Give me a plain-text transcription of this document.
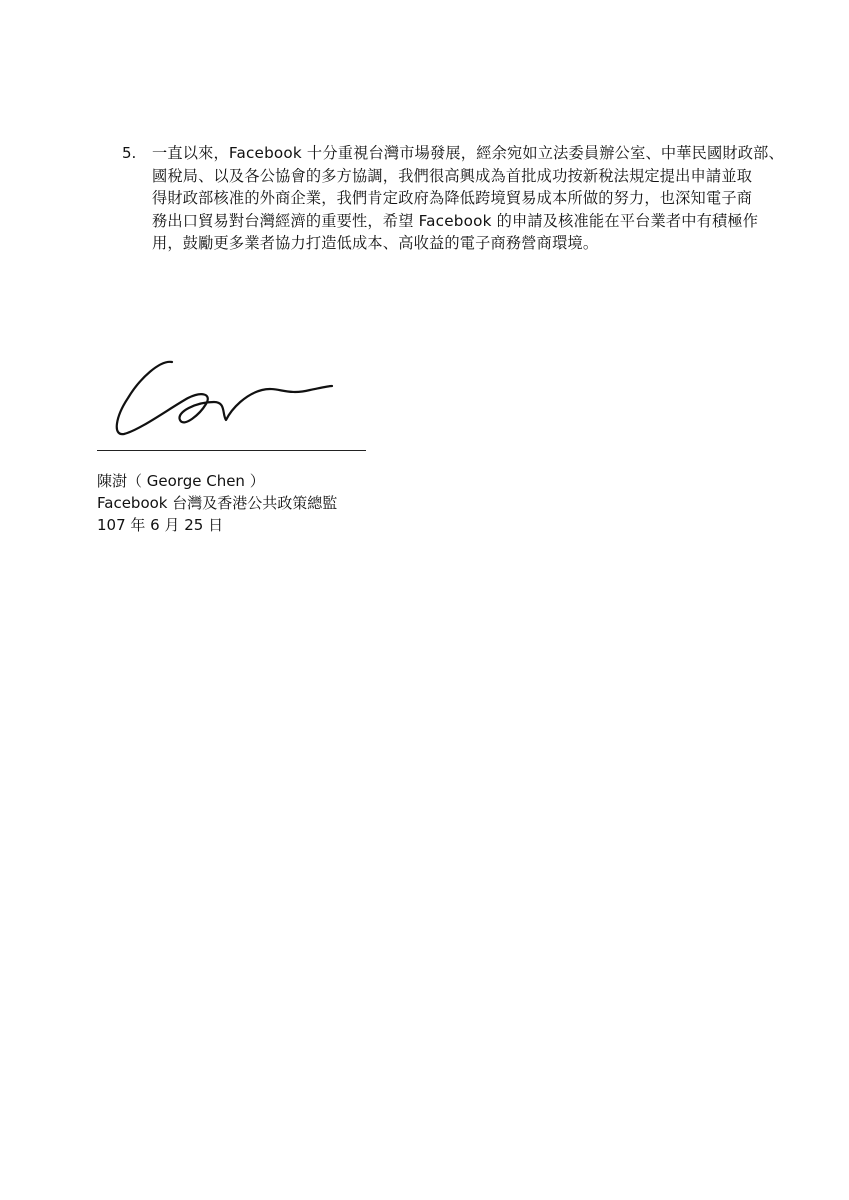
5. 一直以來，Facebook 十分重視台灣市場發展，經余宛如立法委員辦公室、中華民國財政部、
國稅局、以及各公協會的多方協調，我們很高興成為首批成功按新稅法規定提出申請並取
得財政部核准的外商企業，我們肯定政府為降低跨境貿易成本所做的努力，也深知電子商
務出口貿易對台灣經濟的重要性，希望 Facebook 的申請及核准能在平台業者中有積極作
用，鼓勵更多業者協力打造低成本、高收益的電子商務營商環境。
陳澍（ George Chen ）
Facebook 台灣及香港公共政策總監
107 年 6 月 25 日
